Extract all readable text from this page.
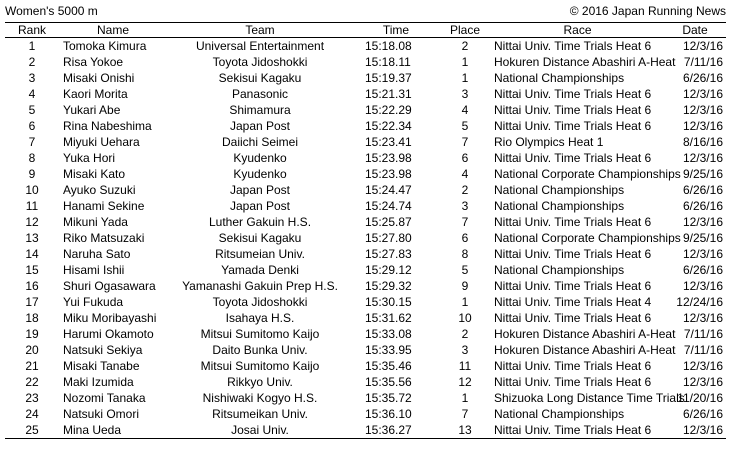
Women's 5000 m	© 2016 Japan Running News
Rank	Name	Team	Time	Place	Race	Date
1	Tomoka Kimura	Universal Entertainment	15:18.08	2	Nittai Univ. Time Trials Heat 6	12/3/16
2	Risa Yokoe	Toyota Jidoshokki	15:18.11	1	Hokuren Distance Abashiri A-Heat	7/11/16
3	Misaki Onishi	Sekisui Kagaku	15:19.37	1	National Championships	6/26/16
4	Kaori Morita	Panasonic	15:21.31	3	Nittai Univ. Time Trials Heat 6	12/3/16
5	Yukari Abe	Shimamura	15:22.29	4	Nittai Univ. Time Trials Heat 6	12/3/16
6	Rina Nabeshima	Japan Post	15:22.34	5	Nittai Univ. Time Trials Heat 6	12/3/16
7	Miyuki Uehara	Daiichi Seimei	15:23.41	7	Rio Olympics Heat 1	8/16/16
8	Yuka Hori	Kyudenko	15:23.98	6	Nittai Univ. Time Trials Heat 6	12/3/16
9	Misaki Kato	Kyudenko	15:23.98	4	National Corporate Championships	9/25/16
10	Ayuko Suzuki	Japan Post	15:24.47	2	National Championships	6/26/16
11	Hanami Sekine	Japan Post	15:24.74	3	National Championships	6/26/16
12	Mikuni Yada	Luther Gakuin H.S.	15:25.87	7	Nittai Univ. Time Trials Heat 6	12/3/16
13	Riko Matsuzaki	Sekisui Kagaku	15:27.80	6	National Corporate Championships	9/25/16
14	Naruha Sato	Ritsumeian Univ.	15:27.83	8	Nittai Univ. Time Trials Heat 6	12/3/16
15	Hisami Ishii	Yamada Denki	15:29.12	5	National Championships	6/26/16
16	Shuri Ogasawara	Yamanashi Gakuin Prep H.S.	15:29.32	9	Nittai Univ. Time Trials Heat 6	12/3/16
17	Yui Fukuda	Toyota Jidoshokki	15:30.15	1	Nittai Univ. Time Trials Heat 4	12/24/16
18	Miku Moribayashi	Isahaya H.S.	15:31.62	10	Nittai Univ. Time Trials Heat 6	12/3/16
19	Harumi Okamoto	Mitsui Sumitomo Kaijo	15:33.08	2	Hokuren Distance Abashiri A-Heat	7/11/16
20	Natsuki Sekiya	Daito Bunka Univ.	15:33.95	3	Hokuren Distance Abashiri A-Heat	7/11/16
21	Misaki Tanabe	Mitsui Sumitomo Kaijo	15:35.46	11	Nittai Univ. Time Trials Heat 6	12/3/16
22	Maki Izumida	Rikkyo Univ.	15:35.56	12	Nittai Univ. Time Trials Heat 6	12/3/16
23	Nozomi Tanaka	Nishiwaki Kogyo H.S.	15:35.72	1	Shizuoka Long Distance Time Trials	11/20/16
24	Natsuki Omori	Ritsumeikan Univ.	15:36.10	7	National Championships	6/26/16
25	Mina Ueda	Josai Univ.	15:36.27	13	Nittai Univ. Time Trials Heat 6	12/3/16
